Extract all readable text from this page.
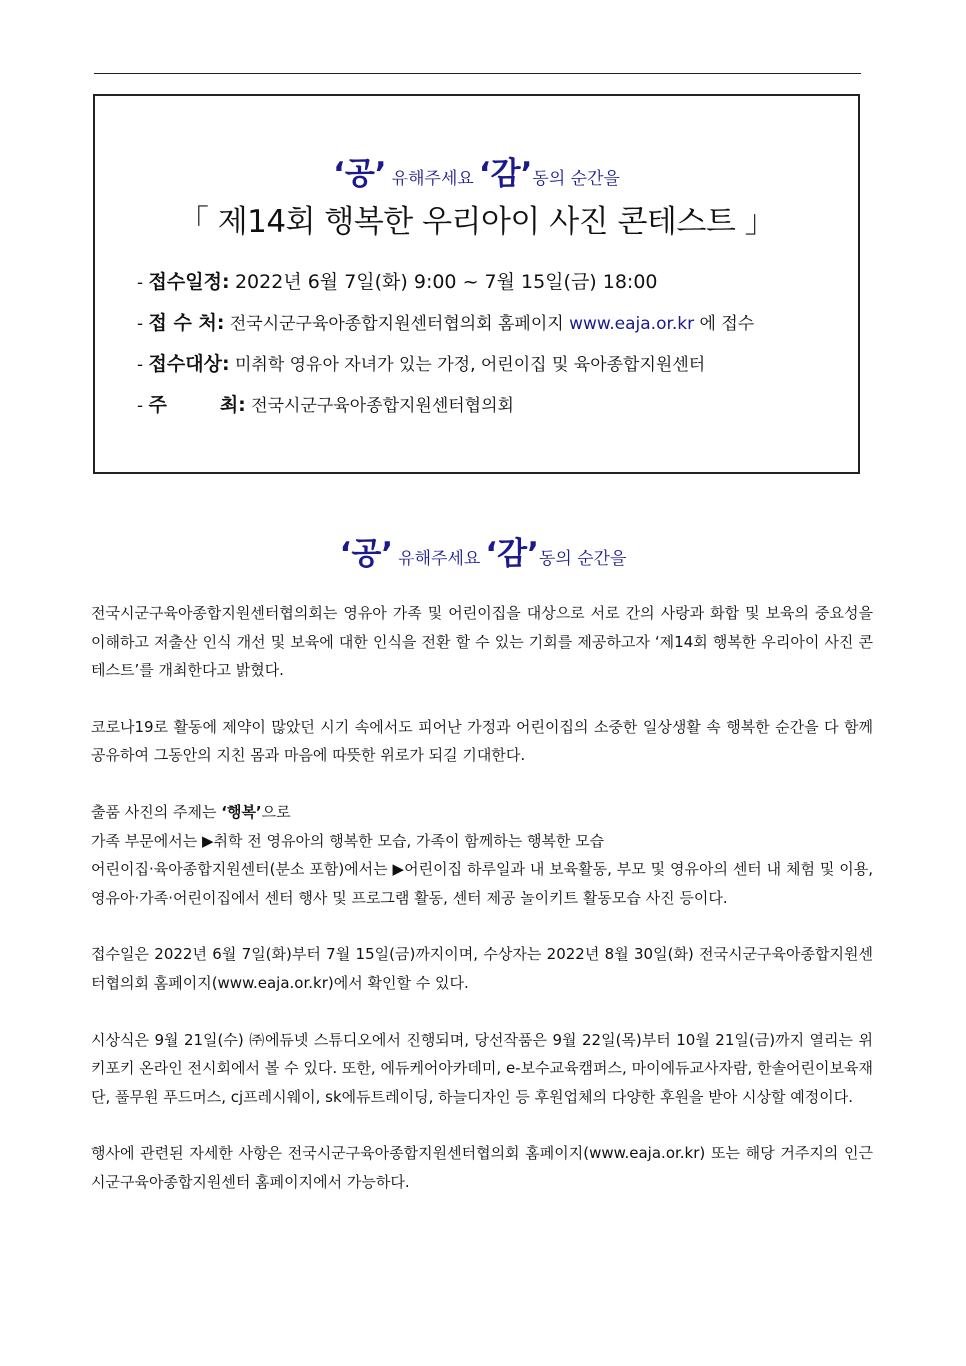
‘공’ 유해주세요 ‘감’동의 순간을
「 제14회 행복한 우리아이 사진 콘테스트 」
- 접수일정: 2022년 6월 7일(화) 9:00 ~ 7월 15일(금) 18:00
- 접 수 처: 전국시군구육아종합지원센터협의회 홈페이지 www.eaja.or.kr 에 접수
- 접수대상: 미취학 영유아 자녀가 있는 가정, 어린이집 및 육아종합지원센터
- 주        최: 전국시군구육아종합지원센터협의회
‘공’ 유해주세요 ‘감’동의 순간을

전국시군구육아종합지원센터협의회는 영유아 가족 및 어린이집을 대상으로 서로 간의 사랑과 화합 및 보육의 중요성을 이해하고 저출산 인식 개선 및 보육에 대한 인식을 전환 할 수 있는 기회를 제공하고자 ‘제14회 행복한 우리아이 사진 콘테스트’를 개최한다고 밝혔다.

코로나19로 활동에 제약이 많았던 시기 속에서도 피어난 가정과 어린이집의 소중한 일상생활 속 행복한 순간을 다 함께 공유하여 그동안의 지친 몸과 마음에 따뜻한 위로가 되길 기대한다.

출품 사진의 주제는 ‘행복’으로

가족 부문에서는 ▶취학 전 영유아의 행복한 모습, 가족이 함께하는 행복한 모습

어린이집·육아종합지원센터(분소 포함)에서는 ▶어린이집 하루일과 내 보육활동, 부모 및 영유아의 센터 내 체험 및 이용, 영유아·가족·어린이집에서 센터 행사 및 프로그램 활동, 센터 제공 놀이키트 활동모습 사진 등이다.

접수일은 2022년 6월 7일(화)부터 7월 15일(금)까지이며, 수상자는 2022년 8월 30일(화) 전국시군구육아종합지원센터협의회 홈페이지(www.eaja.or.kr)에서 확인할 수 있다.

시상식은 9월 21일(수) ㈜에듀넷 스튜디오에서 진행되며, 당선작품은 9월 22일(목)부터 10월 21일(금)까지 열리는 위키포키 온라인 전시회에서 볼 수 있다. 또한, 에듀케어아카데미, e-보수교육캠퍼스, 마이에듀교사자람, 한솔어린이보육재단, 풀무원 푸드머스, cj프레시웨이, sk에듀트레이딩, 하늘디자인 등 후원업체의 다양한 후원을 받아 시상할 예정이다.

행사에 관련된 자세한 사항은 전국시군구육아종합지원센터협의회 홈페이지(www.eaja.or.kr) 또는 해당 거주지의 인근 시군구육아종합지원센터 홈페이지에서 가능하다.
